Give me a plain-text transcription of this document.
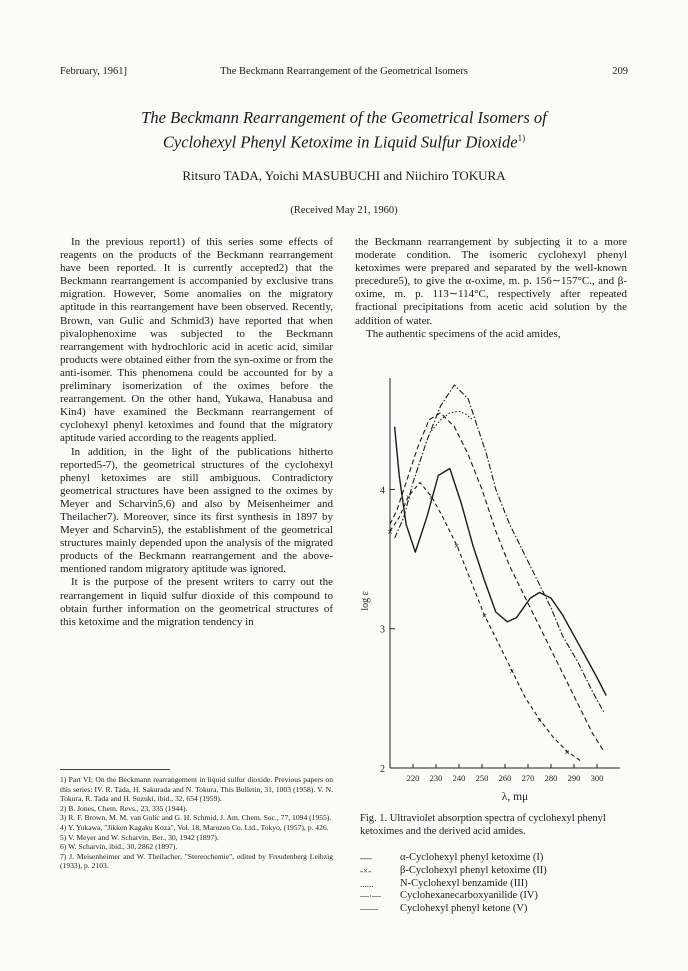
February, 1961]	The Beckmann Rearrangement of the Geometrical Isomers	209
The Beckmann Rearrangement of the Geometrical Isomers of
Cyclohexyl Phenyl Ketoxime in Liquid Sulfur Dioxide$^{1)}$
Ritsuro TADA, Yoichi MASUBUCHI and Niichiro TOKURA
(Received May 21, 1960)

In the previous report1) of this series some effects of reagents on the products of the Beckmann rearrangement have been reported. It is currently accepted2) that the Beckmann rearrangement is accompanied by exclusive trans migration. However, Some anomalies on the migratory aptitude in this rearrangement have been observed. Recently, Brown, van Gulic and Schmid3) have reported that when pivalophenoxime was subjected to the Beckmann rearrangement with hydrochloric acid in acetic acid, similar products were obtained either from the syn-oxime or from the anti-isomer. This phenomena could be accounted for by a preliminary isomerization of the oximes before the rearrangement. On the other hand, Yukawa, Hanabusa and Kin4) have examined the Beckmann rearrangement of cyclohexyl phenyl ketoximes and found that the migratory aptitude varied according to the reagents applied.

In addition, in the light of the publications hitherto reported5-7), the geometrical structures of the cyclohexyl phenyl ketoximes are still ambiguous. Contradictory geometrical structures have been assigned to the oximes by Meyer and Scharvin5,6) and also by Meisenheimer and Theilacher7). Moreover, since its first synthesis in 1897 by Meyer and Scharvin5), the establishment of the geometrical structures mainly depended upon the analysis of the migrated products of the Beckmann rearrangement and the above-mentioned random migratory aptitude was ignored.

It is the purpose of the present writers to carry out the rearrangement in liquid sulfur dioxide of this compound to obtain further information on the geometrical structures of this ketoxime and the migration tendency in

1) Part VI; On the Beckmann rearrangement in liquid sulfur dioxide. Previous papers on this series: IV. R. Tada, H. Sakurada and N. Tokura, This Bulletin, 31, 1003 (1958). V. N. Tokura, R. Tada and H. Suzuki, ibid., 32, 654 (1959).

2) B. Jones, Chem. Revs., 23, 335 (1944).

3) R. F. Brown, M. M. van Gulic and G. H. Schmid, J. Am. Chem. Soc., 77, 1094 (1955).

4) Y. Yukawa, "Jikken Kagaku Koza", Vol. 18, Maruzen Co. Ltd., Tokyo, (1957), p. 426.

5) V. Meyer and W. Scharvin, Ber., 30, 1942 (1897).

6) W. Scharvin, ibid., 30, 2862 (1897).

7) J. Meisenheimer and W. Theilacher, "Stereochemie", edited by Freudenberg Leibzig (1933), p. 2103.

the Beckmann rearrangement by subjecting it to a more moderate condition. The isomeric cyclohexyl phenyl ketoximes were prepared and separated by the well-known precedure5), to give the α-oxime, m. p. 156∼157°C., and β-oxime, m. p. 113∼114°C, respectively after repeated fractional precipitations from acetic acid solution by the addition of water.

The authentic specimens of the acid amides,

2
3
4
220 230 240 250 260 270 280 290 300
log ε
λ, mμ
×
× ×
×
×
×
×
×
Fig. 1. Ultraviolet absorption spectra of cyclohexyl phenyl ketoximes and the derived acid amides.
----	α-Cyclohexyl phenyl ketoxime (I)
-×-	β-Cyclohexyl phenyl ketoxime (II)
......	N-Cyclohexyl benzamide (III)
—·—	Cyclohexanecarboxyanilide (IV)
——	Cyclohexyl phenyl ketone (V)
